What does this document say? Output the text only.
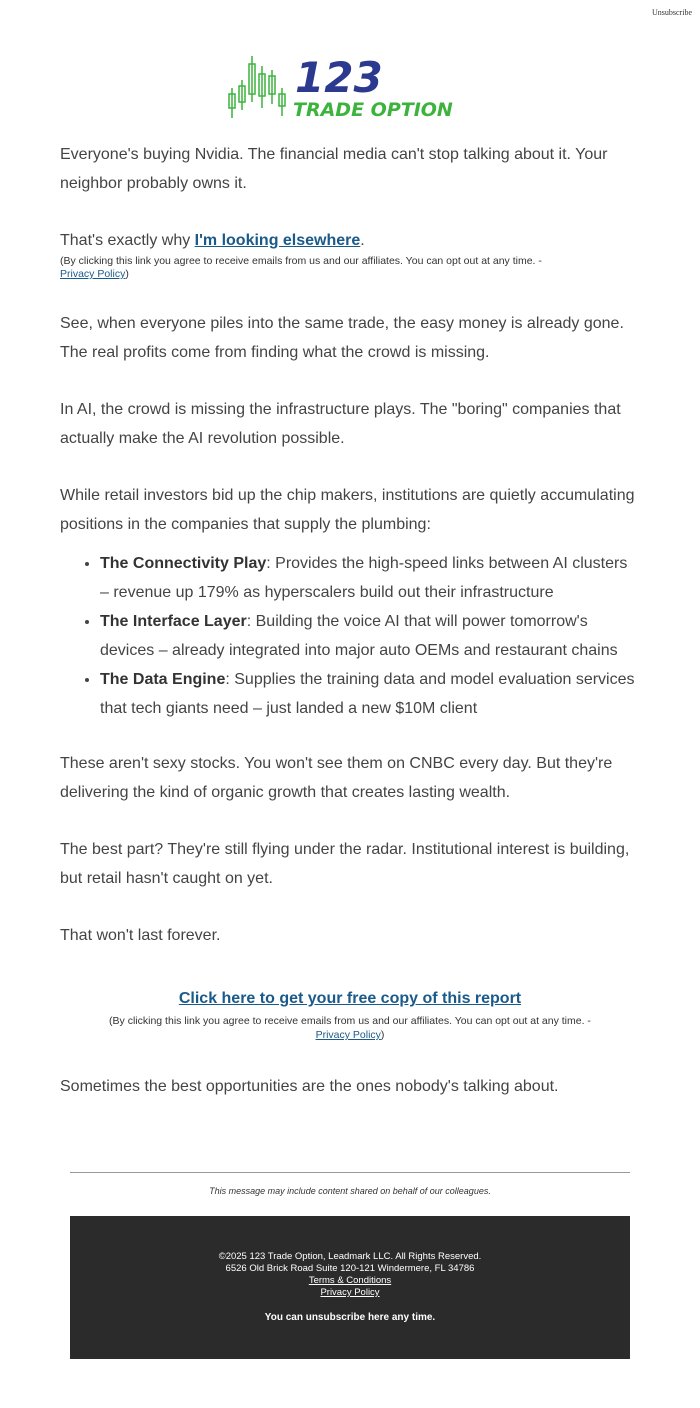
Unsubscribe
123
TRADE OPTION

Everyone's buying Nvidia. The financial media can't stop talking about it. Your neighbor probably owns it.

That's exactly why I'm looking elsewhere.

(By clicking this link you agree to receive emails from us and our affiliates. You can opt out at any time. -
Privacy Policy)

See, when everyone piles into the same trade, the easy money is already gone. The real profits come from finding what the crowd is missing.

In AI, the crowd is missing the infrastructure plays. The "boring" companies that actually make the AI revolution possible.

While retail investors bid up the chip makers, institutions are quietly accumulating positions in the companies that supply the plumbing:

• The Connectivity Play: Provides the high-speed links between AI clusters – revenue up 179% as hyperscalers build out their infrastructure
• The Interface Layer: Building the voice AI that will power tomorrow's devices – already integrated into major auto OEMs and restaurant chains
• The Data Engine: Supplies the training data and model evaluation services that tech giants need – just landed a new $10M client

These aren't sexy stocks. You won't see them on CNBC every day. But they're delivering the kind of organic growth that creates lasting wealth.

The best part? They're still flying under the radar. Institutional interest is building, but retail hasn't caught on yet.

That won't last forever.

Click here to get your free copy of this report

(By clicking this link you agree to receive emails from us and our affiliates. You can opt out at any time. -
Privacy Policy)

Sometimes the best opportunities are the ones nobody's talking about.

This message may include content shared on behalf of our colleagues.
©2025 123 Trade Option, Leadmark LLC. All Rights Reserved.
6526 Old Brick Road Suite 120-121 Windermere, FL 34786
Terms & Conditions
Privacy Policy
You can unsubscribe here any time.
